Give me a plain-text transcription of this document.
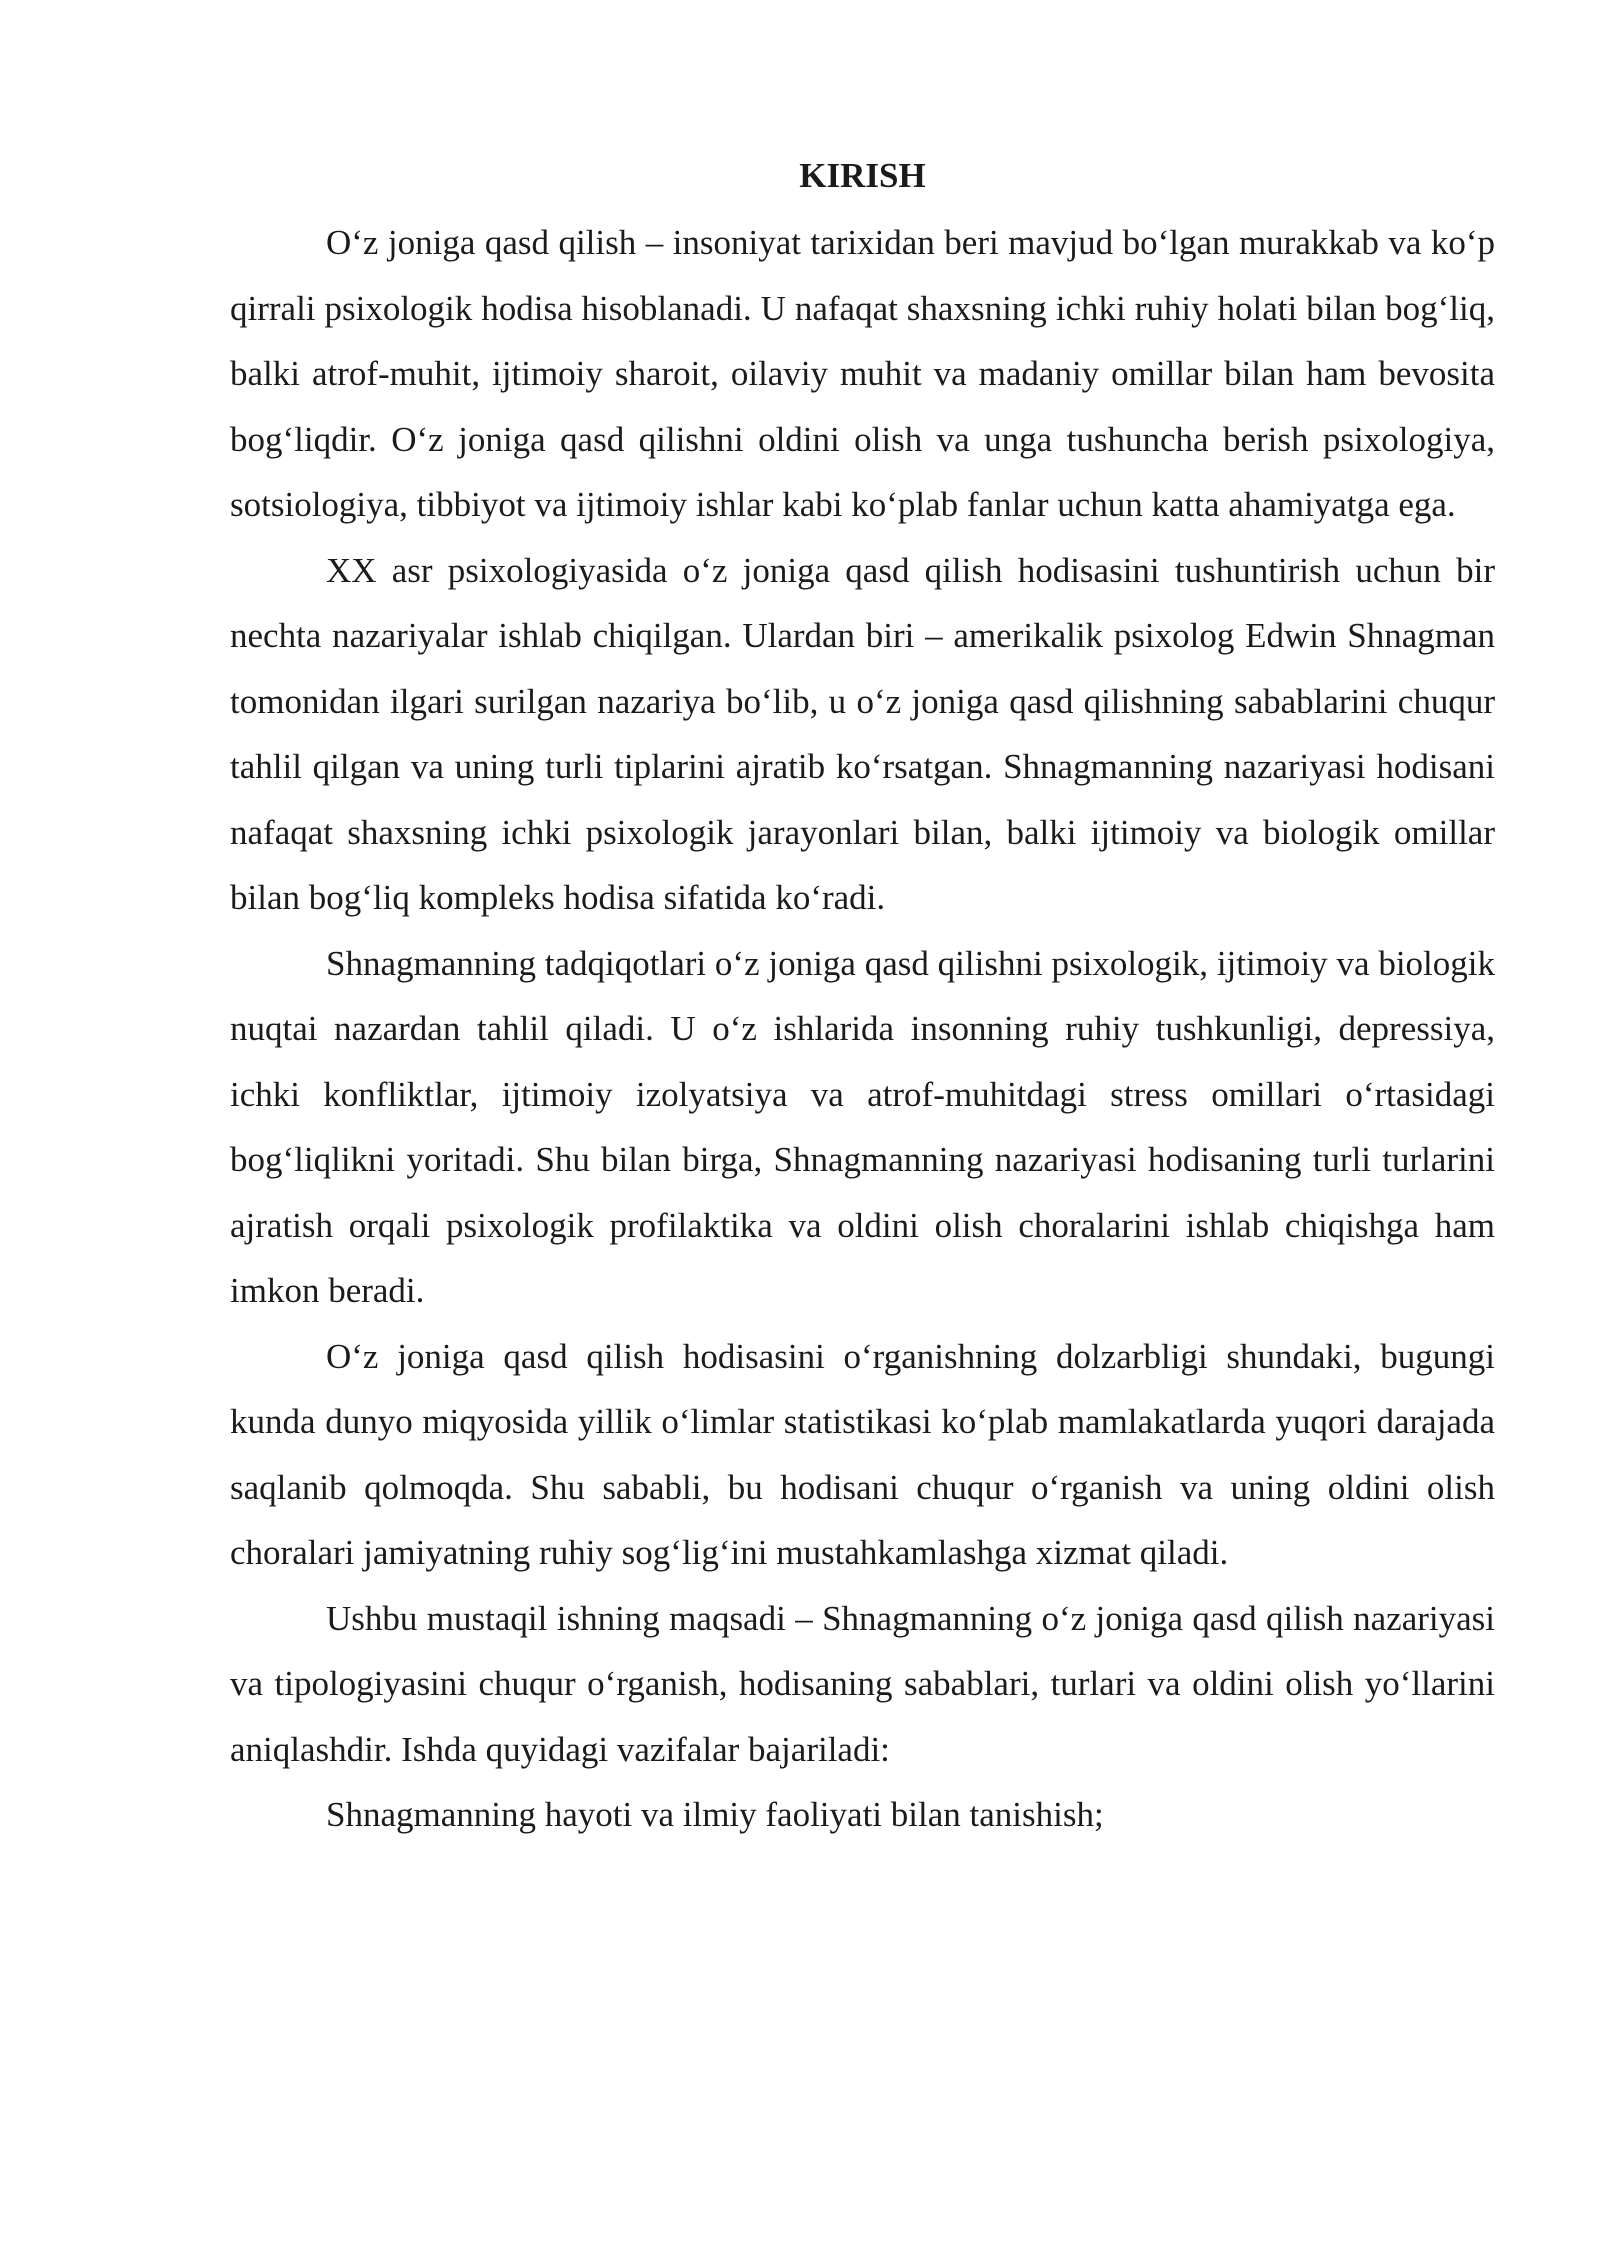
KIRISH

O‘z joniga qasd qilish – insoniyat tarixidan beri mavjud bo‘lgan murakkab va ko‘p qirrali psixologik hodisa hisoblanadi. U nafaqat shaxsning ichki ruhiy holati bilan bog‘liq, balki atrof-muhit, ijtimoiy sharoit, oilaviy muhit va madaniy omillar bilan ham bevosita bog‘liqdir. O‘z joniga qasd qilishni oldini olish va unga tushuncha berish psixologiya, sotsiologiya, tibbiyot va ijtimoiy ishlar kabi ko‘plab fanlar uchun katta ahamiyatga ega.

XX asr psixologiyasida o‘z joniga qasd qilish hodisasini tushuntirish uchun bir nechta nazariyalar ishlab chiqilgan. Ulardan biri – amerikalik psixolog Edwin Shnagman tomonidan ilgari surilgan nazariya bo‘lib, u o‘z joniga qasd qilishning sabablarini chuqur tahlil qilgan va uning turli tiplarini ajratib ko‘rsatgan. Shnagmanning nazariyasi hodisani nafaqat shaxsning ichki psixologik jarayonlari bilan, balki ijtimoiy va biologik omillar bilan bog‘liq kompleks hodisa sifatida ko‘radi.

Shnagmanning tadqiqotlari o‘z joniga qasd qilishni psixologik, ijtimoiy va biologik nuqtai nazardan tahlil qiladi. U o‘z ishlarida insonning ruhiy tushkunligi, depressiya, ichki konfliktlar, ijtimoiy izolyatsiya va atrof-muhitdagi stress omillari o‘rtasidagi bog‘liqlikni yoritadi. Shu bilan birga, Shnagmanning nazariyasi hodisaning turli turlarini ajratish orqali psixologik profilaktika va oldini olish choralarini ishlab chiqishga ham imkon beradi.

O‘z joniga qasd qilish hodisasini o‘rganishning dolzarbligi shundaki, bugungi kunda dunyo miqyosida yillik o‘limlar statistikasi ko‘plab mamlakatlarda yuqori darajada saqlanib qolmoqda. Shu sababli, bu hodisani chuqur o‘rganish va uning oldini olish choralari jamiyatning ruhiy sog‘lig‘ini mustahkamlashga xizmat qiladi.

Ushbu mustaqil ishning maqsadi – Shnagmanning o‘z joniga qasd qilish nazariyasi va tipologiyasini chuqur o‘rganish, hodisaning sabablari, turlari va oldini olish yo‘llarini aniqlashdir. Ishda quyidagi vazifalar bajariladi:

Shnagmanning hayoti va ilmiy faoliyati bilan tanishish;
